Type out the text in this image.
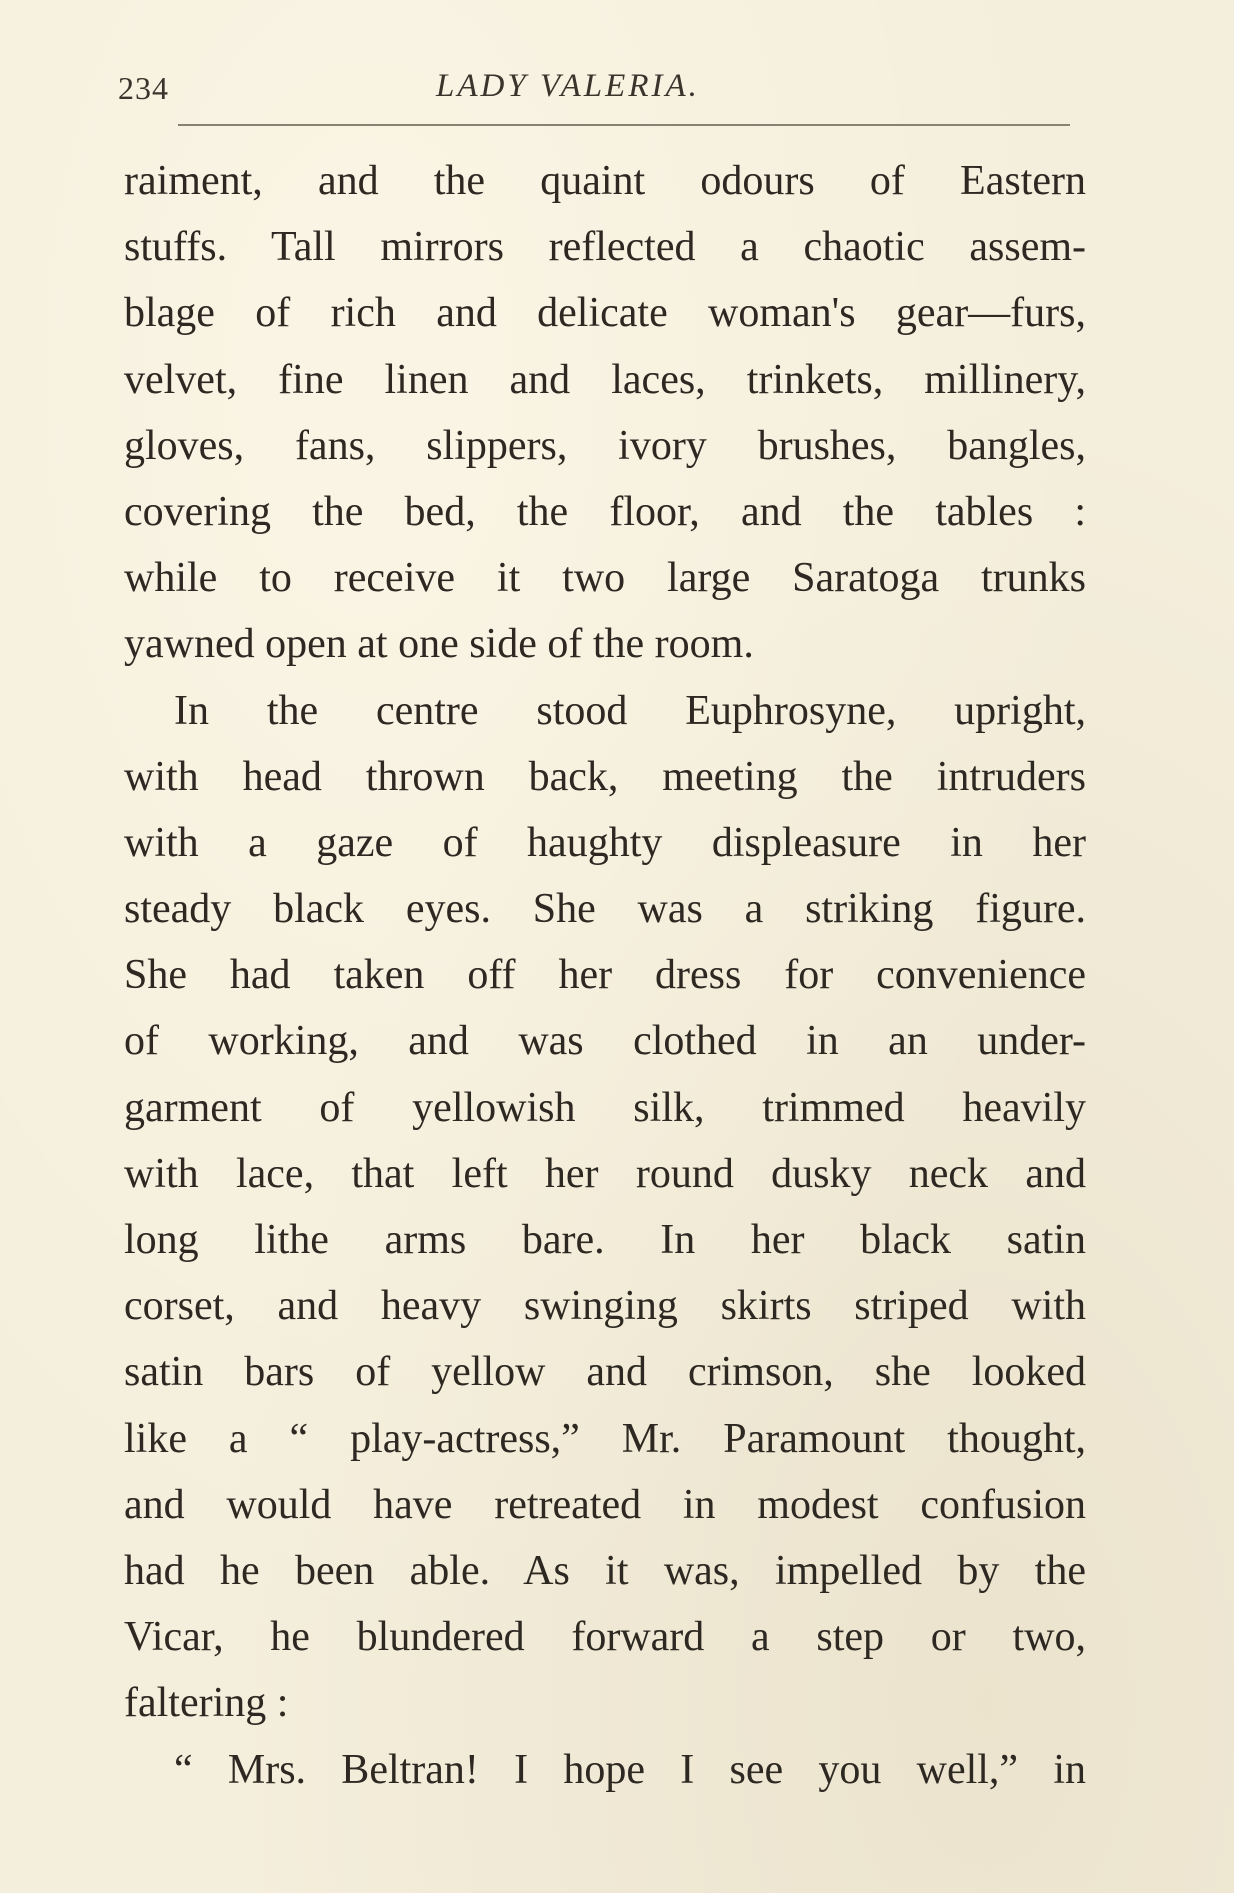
234	LADY VALERIA.
raiment, and the quaint odours of Eastern
stuffs. Tall mirrors reflected a chaotic assem-
blage of rich and delicate woman's gear—furs,
velvet, fine linen and laces, trinkets, millinery,
gloves, fans, slippers, ivory brushes, bangles,
covering the bed, the floor, and the tables :
while to receive it two large Saratoga trunks
yawned open at one side of the room.
In the centre stood Euphrosyne, upright,
with head thrown back, meeting the intruders
with a gaze of haughty displeasure in her
steady black eyes. She was a striking figure.
She had taken off her dress for convenience
of working, and was clothed in an under-
garment of yellowish silk, trimmed heavily
with lace, that left her round dusky neck and
long lithe arms bare. In her black satin
corset, and heavy swinging skirts striped with
satin bars of yellow and crimson, she looked
like a “ play-actress,” Mr. Paramount thought,
and would have retreated in modest confusion
had he been able. As it was, impelled by the
Vicar, he blundered forward a step or two,
faltering :
“ Mrs. Beltran! I hope I see you well,” in
